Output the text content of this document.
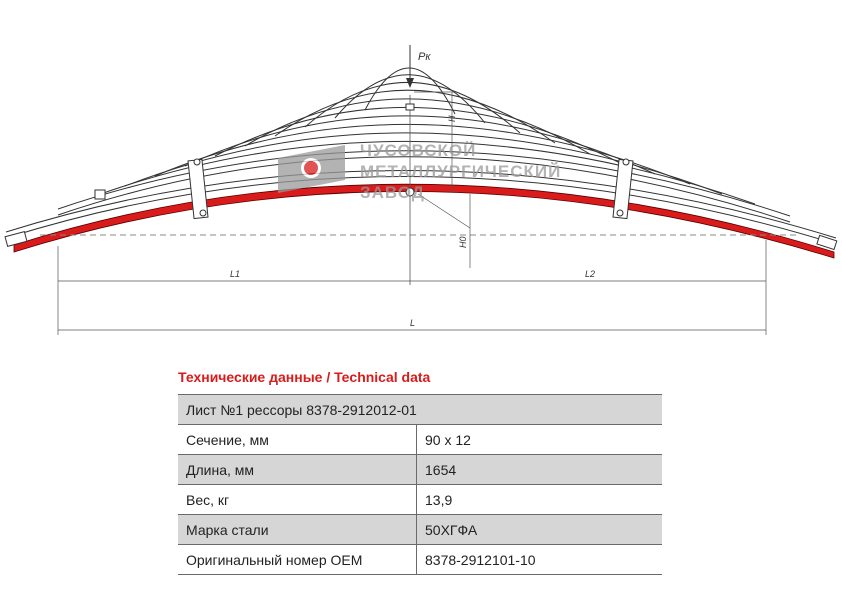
H
H0
L1	L2
L
Pк
ЧУСОВСКОЙ
МЕТАЛЛУРГИЧЕСКИЙ
ЗАВОД
Технические данные / Technical data
Лист №1 рессоры 8378-2912012-01	
Сечение, мм	90 x 12
Длина, мм	1654
Вес, кг	13,9
Марка стали	50ХГФА
Оригинальный номер OEM	8378-2912101-10
